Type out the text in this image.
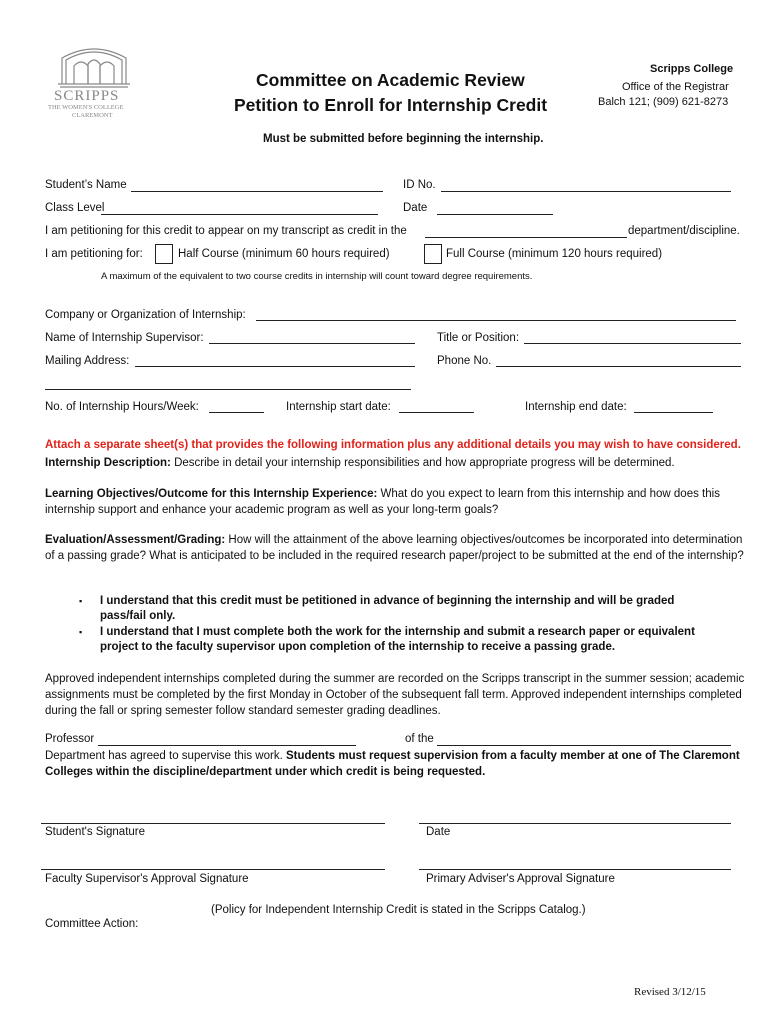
SCRIPPS
THE WOMEN'S COLLEGE
CLAREMONT
Committee on Academic Review
Petition to Enroll for Internship Credit
Scripps College
Office of the Registrar
Balch 121; (909) 621-8273
Must be submitted before beginning the internship.
Student’s Name	ID No.
Class Level	Date
I am petitioning for this credit to appear on my transcript as credit in the	department/discipline.
I am petitioning for:	Half Course (minimum 60 hours required)	Full Course (minimum 120 hours required)
A maximum of the equivalent to two course credits in internship will count toward degree requirements.
Company or Organization of Internship:
Name of Internship Supervisor:	Title or Position:
Mailing Address:	Phone No.
No. of Internship Hours/Week:	Internship start date:	Internship end date:
Attach a separate sheet(s) that provides the following information plus any additional details you may wish to have considered.
Internship Description: Describe in detail your internship responsibilities and how appropriate progress will be determined.
Learning Objectives/Outcome for this Internship Experience: What do you expect to learn from this internship and how does this internship support and enhance your academic program as well as your long-term goals?
Evaluation/Assessment/Grading: How will the attainment of the above learning objectives/outcomes be incorporated into determination of a passing grade? What is anticipated to be included in the required research paper/project to be submitted at the end of the internship?
▪ I understand that this credit must be petitioned in advance of beginning the internship and will be graded
pass/fail only.
▪ I understand that I must complete both the work for the internship and submit a research paper or equivalent
project to the faculty supervisor upon completion of the internship to receive a passing grade.
Approved independent internships completed during the summer are recorded on the Scripps transcript in the summer session; academic assignments must be completed by the first Monday in October of the subsequent fall term. Approved independent internships completed during the fall or spring semester follow standard semester grading deadlines.
Professor	of the
Department has agreed to supervise this work. Students must request supervision from a faculty member at one of The Claremont Colleges within the discipline/department under which credit is being requested.
Student's Signature	Date
Faculty Supervisor's Approval Signature	Primary Adviser's Approval Signature
(Policy for Independent Internship Credit is stated in the Scripps Catalog.)
Committee Action:
Revised 3/12/15
